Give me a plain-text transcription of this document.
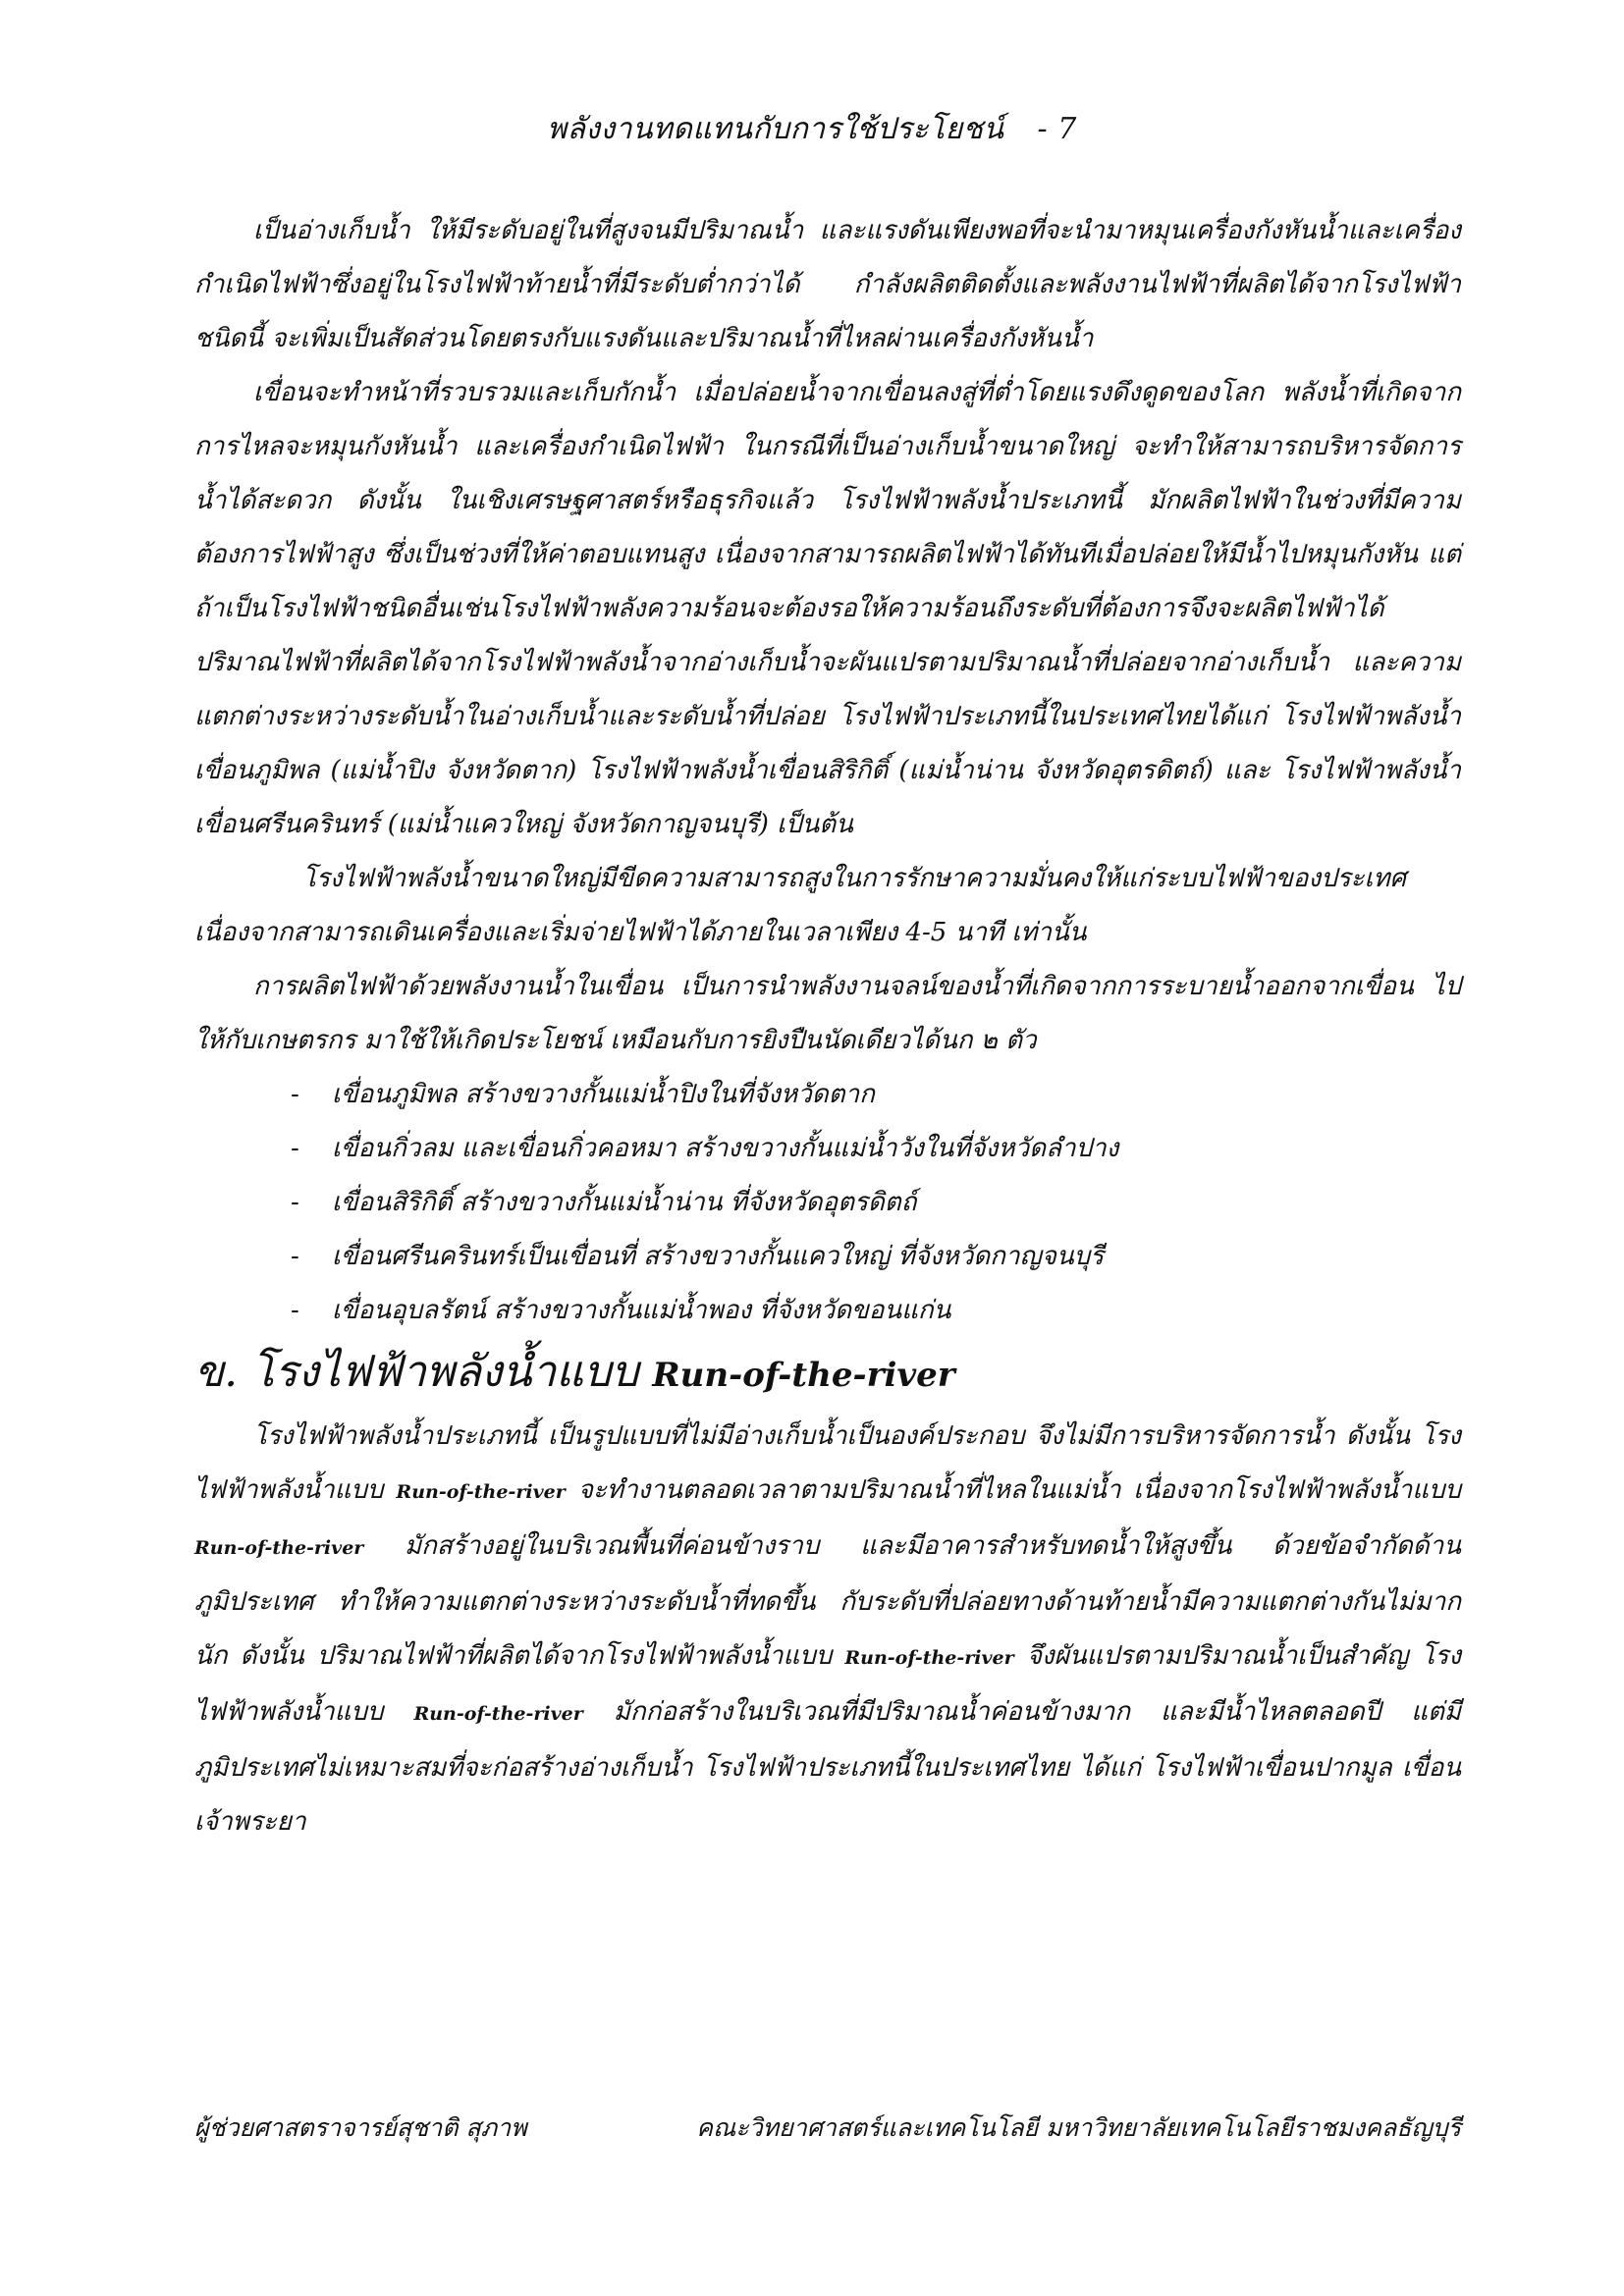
พลังงานทดแทนกับการใช้ประโยชน์ - 7

เป็นอ่างเก็บน้ำ ให้มีระดับอยู่ในที่สูงจนมีปริมาณน้ำ และแรงดันเพียงพอที่จะนำมาหมุนเครื่องกังหันน้ำและเครื่องกำเนิดไฟฟ้าซึ่งอยู่ในโรงไฟฟ้าท้ายน้ำที่มีระดับต่ำกว่าได้ กำลังผลิตติดตั้งและพลังงานไฟฟ้าที่ผลิตได้จากโรงไฟฟ้าชนิดนี้ จะเพิ่มเป็นสัดส่วนโดยตรงกับแรงดันและปริมาณน้ำที่ไหลผ่านเครื่องกังหันน้ำ

เขื่อนจะทำหน้าที่รวบรวมและเก็บกักน้ำ เมื่อปล่อยน้ำจากเขื่อนลงสู่ที่ต่ำโดยแรงดึงดูดของโลก พลังน้ำที่เกิดจากการไหลจะหมุนกังหันน้ำ และเครื่องกำเนิดไฟฟ้า ในกรณีที่เป็นอ่างเก็บน้ำขนาดใหญ่ จะทำให้สามารถบริหารจัดการน้ำได้สะดวก ดังนั้น ในเชิงเศรษฐศาสตร์หรือธุรกิจแล้ว โรงไฟฟ้าพลังน้ำประเภทนี้ มักผลิตไฟฟ้าในช่วงที่มีความต้องการไฟฟ้าสูง ซึ่งเป็นช่วงที่ให้ค่าตอบแทนสูง เนื่องจากสามารถผลิตไฟฟ้าได้ทันทีเมื่อปล่อยให้มีน้ำไปหมุนกังหัน แต่ถ้าเป็นโรงไฟฟ้าชนิดอื่นเช่นโรงไฟฟ้าพลังความร้อนจะต้องรอให้ความร้อนถึงระดับที่ต้องการจึงจะผลิตไฟฟ้าได้ ปริมาณไฟฟ้าที่ผลิตได้จากโรงไฟฟ้าพลังน้ำจากอ่างเก็บน้ำจะผันแปรตามปริมาณน้ำที่ปล่อยจากอ่างเก็บน้ำ และความแตกต่างระหว่างระดับน้ำในอ่างเก็บน้ำและระดับน้ำที่ปล่อย โรงไฟฟ้าประเภทนี้ในประเทศไทยได้แก่ โรงไฟฟ้าพลังน้ำเขื่อนภูมิพล (แม่น้ำปิง จังหวัดตาก) โรงไฟฟ้าพลังน้ำเขื่อนสิริกิติ์ (แม่น้ำน่าน จังหวัดอุตรดิตถ์) และ โรงไฟฟ้าพลังน้ำเขื่อนศรีนครินทร์ (แม่น้ำแควใหญ่ จังหวัดกาญจนบุรี) เป็นต้น

โรงไฟฟ้าพลังน้ำขนาดใหญ่มีขีดความสามารถสูงในการรักษาความมั่นคงให้แก่ระบบไฟฟ้าของประเทศ เนื่องจากสามารถเดินเครื่องและเริ่มจ่ายไฟฟ้าได้ภายในเวลาเพียง 4-5 นาที เท่านั้น

การผลิตไฟฟ้าด้วยพลังงานน้ำในเขื่อน เป็นการนำพลังงานจลน์ของน้ำที่เกิดจากการระบายน้ำออกจากเขื่อน ไปให้กับเกษตรกร มาใช้ให้เกิดประโยชน์ เหมือนกับการยิงปืนนัดเดียวได้นก ๒ ตัว

- เขื่อนภูมิพล สร้างขวางกั้นแม่น้ำปิงในที่จังหวัดตาก
- เขื่อนกิ่วลม และเขื่อนกิ่วคอหมา สร้างขวางกั้นแม่น้ำวังในที่จังหวัดลำปาง
- เขื่อนสิริกิติ์ สร้างขวางกั้นแม่น้ำน่าน ที่จังหวัดอุตรดิตถ์
- เขื่อนศรีนครินทร์เป็นเขื่อนที่ สร้างขวางกั้นแควใหญ่ ที่จังหวัดกาญจนบุรี
- เขื่อนอุบลรัตน์ สร้างขวางกั้นแม่น้ำพอง ที่จังหวัดขอนแก่น

ข. โรงไฟฟ้าพลังน้ำแบบ Run-of-the-river

โรงไฟฟ้าพลังน้ำประเภทนี้ เป็นรูปแบบที่ไม่มีอ่างเก็บน้ำเป็นองค์ประกอบ จึงไม่มีการบริหารจัดการน้ำ ดังนั้น โรงไฟฟ้าพลังน้ำแบบ Run-of-the-river จะทำงานตลอดเวลาตามปริมาณน้ำที่ไหลในแม่น้ำ เนื่องจากโรงไฟฟ้าพลังน้ำแบบ Run-of-the-river มักสร้างอยู่ในบริเวณพื้นที่ค่อนข้างราบ และมีอาคารสำหรับทดน้ำให้สูงขึ้น ด้วยข้อจำกัดด้านภูมิประเทศ ทำให้ความแตกต่างระหว่างระดับน้ำที่ทดขึ้น กับระดับที่ปล่อยทางด้านท้ายน้ำมีความแตกต่างกันไม่มากนัก ดังนั้น ปริมาณไฟฟ้าที่ผลิตได้จากโรงไฟฟ้าพลังน้ำแบบ Run-of-the-river จึงผันแปรตามปริมาณน้ำเป็นสำคัญ โรงไฟฟ้าพลังน้ำแบบ Run-of-the-river มักก่อสร้างในบริเวณที่มีปริมาณน้ำค่อนข้างมาก และมีน้ำไหลตลอดปี แต่มีภูมิประเทศไม่เหมาะสมที่จะก่อสร้างอ่างเก็บน้ำ โรงไฟฟ้าประเภทนี้ในประเทศไทย ได้แก่ โรงไฟฟ้าเขื่อนปากมูล เขื่อนเจ้าพระยา

ผู้ช่วยศาสตราจารย์สุชาติ สุภาพ	คณะวิทยาศาสตร์และเทคโนโลยี มหาวิทยาลัยเทคโนโลยีราชมงคลธัญบุรี
